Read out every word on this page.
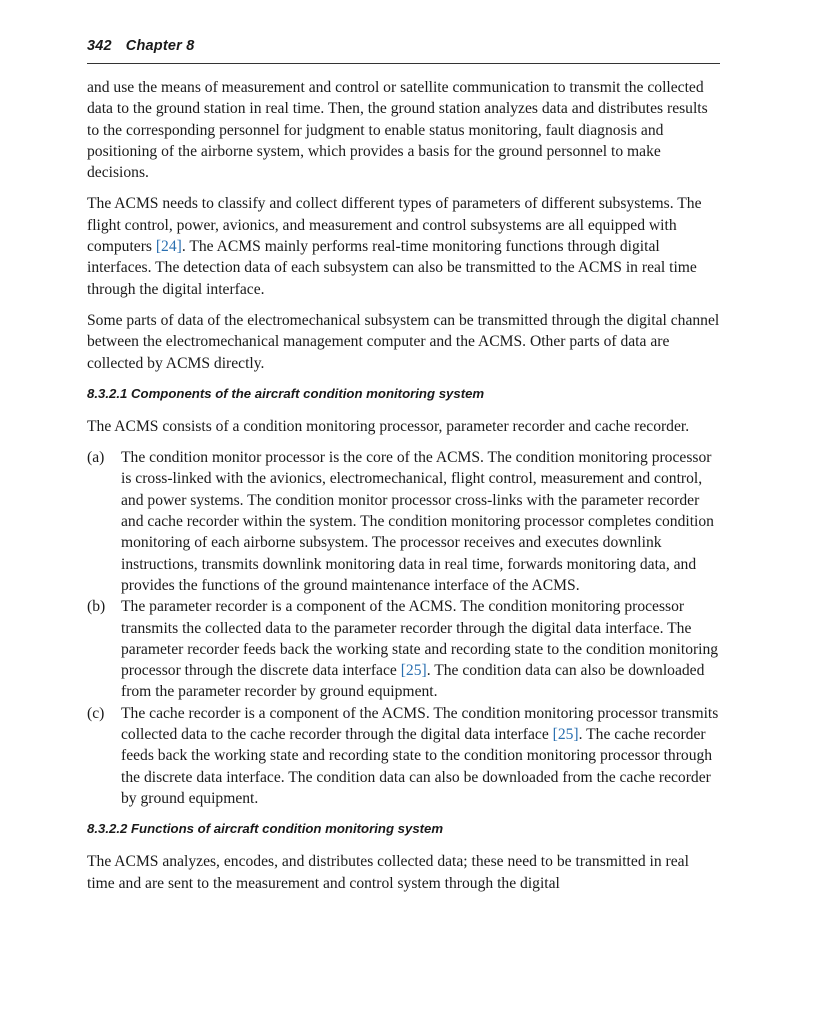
342 Chapter 8

and use the means of measurement and control or satellite communication to transmit the collected data to the ground station in real time. Then, the ground station analyzes data and distributes results to the corresponding personnel for judgment to enable status monitoring, fault diagnosis and positioning of the airborne system, which provides a basis for the ground personnel to make decisions.

The ACMS needs to classify and collect different types of parameters of different subsystems. The flight control, power, avionics, and measurement and control subsystems are all equipped with computers [24]. The ACMS mainly performs real-time monitoring functions through digital interfaces. The detection data of each subsystem can also be transmitted to the ACMS in real time through the digital interface.

Some parts of data of the electromechanical subsystem can be transmitted through the digital channel between the electromechanical management computer and the ACMS. Other parts of data are collected by ACMS directly.

8.3.2.1 Components of the aircraft condition monitoring system

The ACMS consists of a condition monitoring processor, parameter recorder and cache recorder.

(a)	The condition monitor processor is the core of the ACMS. The condition monitoring processor is cross-linked with the avionics, electromechanical, flight control, measurement and control, and power systems. The condition monitor processor cross-links with the parameter recorder and cache recorder within the system. The condition monitoring processor completes condition monitoring of each airborne subsystem. The processor receives and executes downlink instructions, transmits downlink monitoring data in real time, forwards monitoring data, and provides the functions of the ground maintenance interface of the ACMS.
(b)	The parameter recorder is a component of the ACMS. The condition monitoring processor transmits the collected data to the parameter recorder through the digital data interface. The parameter recorder feeds back the working state and recording state to the condition monitoring processor through the discrete data interface [25]. The condition data can also be downloaded from the parameter recorder by ground equipment.
(c)	The cache recorder is a component of the ACMS. The condition monitoring processor transmits collected data to the cache recorder through the digital data interface [25]. The cache recorder feeds back the working state and recording state to the condition monitoring processor through the discrete data interface. The condition data can also be downloaded from the cache recorder by ground equipment.
8.3.2.2 Functions of aircraft condition monitoring system

The ACMS analyzes, encodes, and distributes collected data; these need to be transmitted in real time and are sent to the measurement and control system through the digital
